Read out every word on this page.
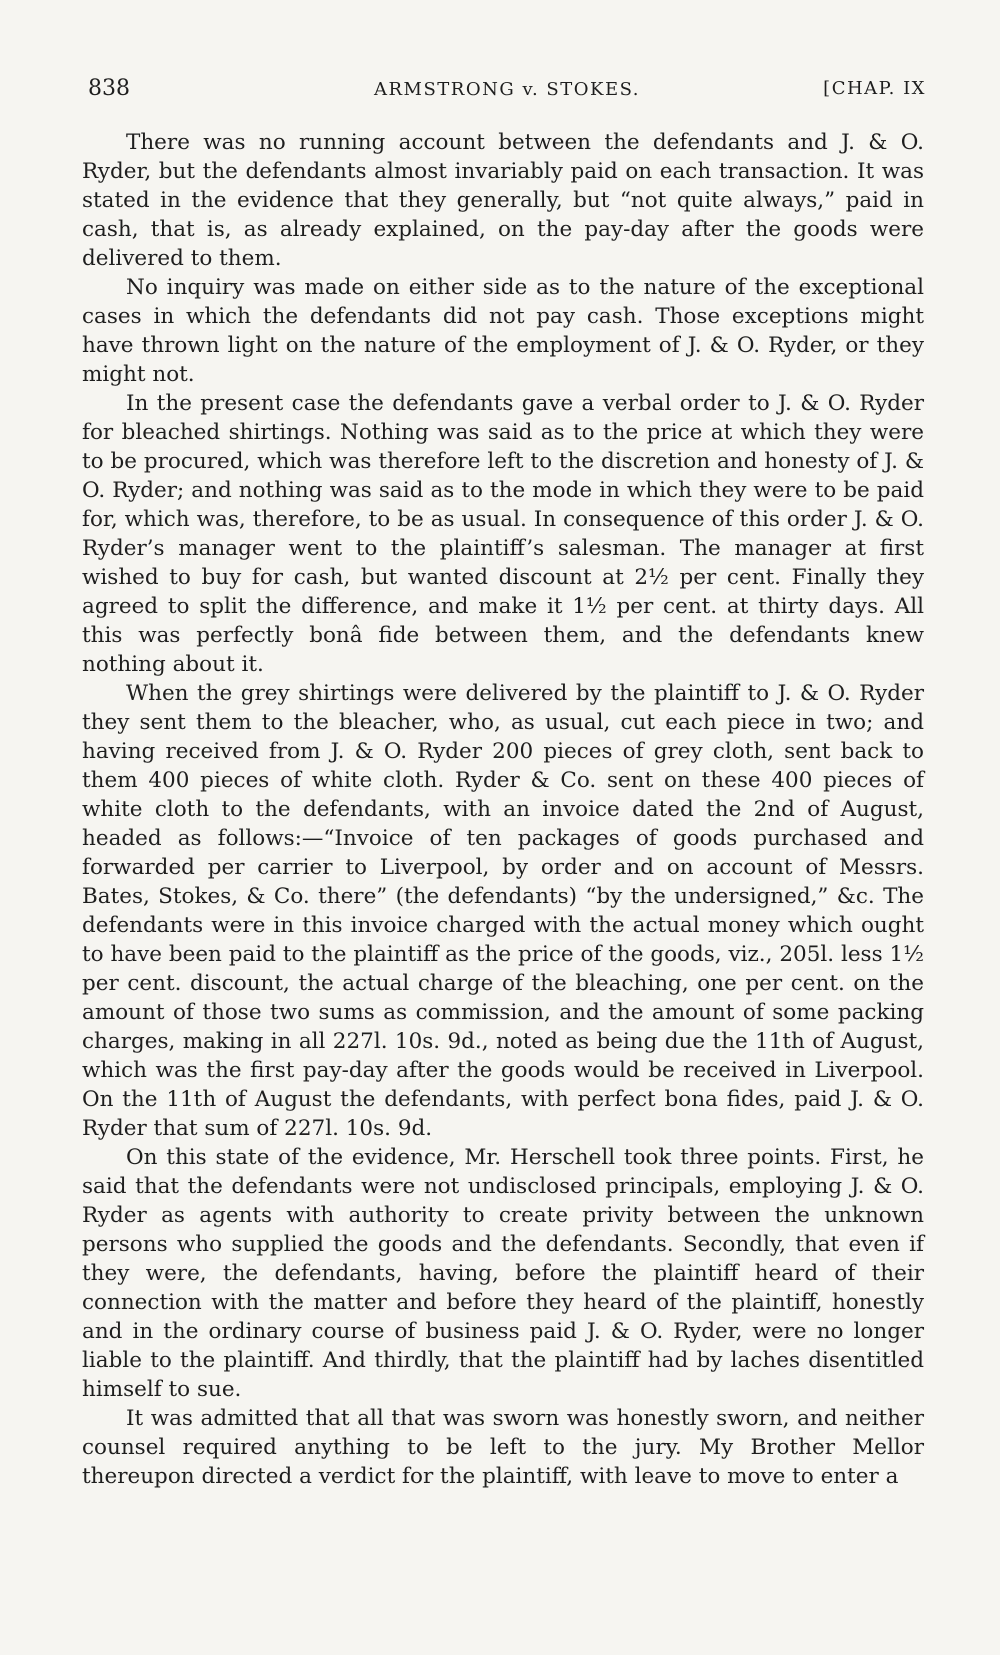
838	ARMSTRONG v. STOKES.	[CHAP. IX

There was no running account between the defendants and J. & O. Ryder, but the defendants almost invariably paid on each transaction. It was stated in the evidence that they generally, but “not quite always,” paid in cash, that is, as already explained, on the pay-day after the goods were delivered to them.

No inquiry was made on either side as to the nature of the exceptional cases in which the defendants did not pay cash. Those exceptions might have thrown light on the nature of the employment of J. & O. Ryder, or they might not.

In the present case the defendants gave a verbal order to J. & O. Ryder for bleached shirtings. Nothing was said as to the price at which they were to be procured, which was therefore left to the discretion and honesty of J. & O. Ryder; and nothing was said as to the mode in which they were to be paid for, which was, therefore, to be as usual. In consequence of this order J. & O. Ryder’s manager went to the plaintiff’s salesman. The manager at first wished to buy for cash, but wanted discount at 2½ per cent. Finally they agreed to split the difference, and make it 1½ per cent. at thirty days. All this was perfectly bonâ fide between them, and the defendants knew nothing about it.

When the grey shirtings were delivered by the plaintiff to J. & O. Ryder they sent them to the bleacher, who, as usual, cut each piece in two; and having received from J. & O. Ryder 200 pieces of grey cloth, sent back to them 400 pieces of white cloth. Ryder & Co. sent on these 400 pieces of white cloth to the defendants, with an invoice dated the 2nd of August, headed as follows:—“Invoice of ten packages of goods purchased and forwarded per carrier to Liverpool, by order and on account of Messrs. Bates, Stokes, & Co. there” (the defendants) “by the undersigned,” &c. The defendants were in this invoice charged with the actual money which ought to have been paid to the plaintiff as the price of the goods, viz., 205l. less 1½ per cent. discount, the actual charge of the bleaching, one per cent. on the amount of those two sums as commission, and the amount of some packing charges, making in all 227l. 10s. 9d., noted as being due the 11th of August, which was the first pay-day after the goods would be received in Liverpool. On the 11th of August the defendants, with perfect bona fides, paid J. & O. Ryder that sum of 227l. 10s. 9d.

On this state of the evidence, Mr. Herschell took three points. First, he said that the defendants were not undisclosed principals, employing J. & O. Ryder as agents with authority to create privity between the unknown persons who supplied the goods and the defendants. Secondly, that even if they were, the defendants, having, before the plaintiff heard of their connection with the matter and before they heard of the plaintiff, honestly and in the ordinary course of business paid J. & O. Ryder, were no longer liable to the plaintiff. And thirdly, that the plaintiff had by laches disentitled himself to sue.

It was admitted that all that was sworn was honestly sworn, and neither counsel required anything to be left to the jury. My Brother Mellor thereupon directed a verdict for the plaintiff, with leave to move to enter a
